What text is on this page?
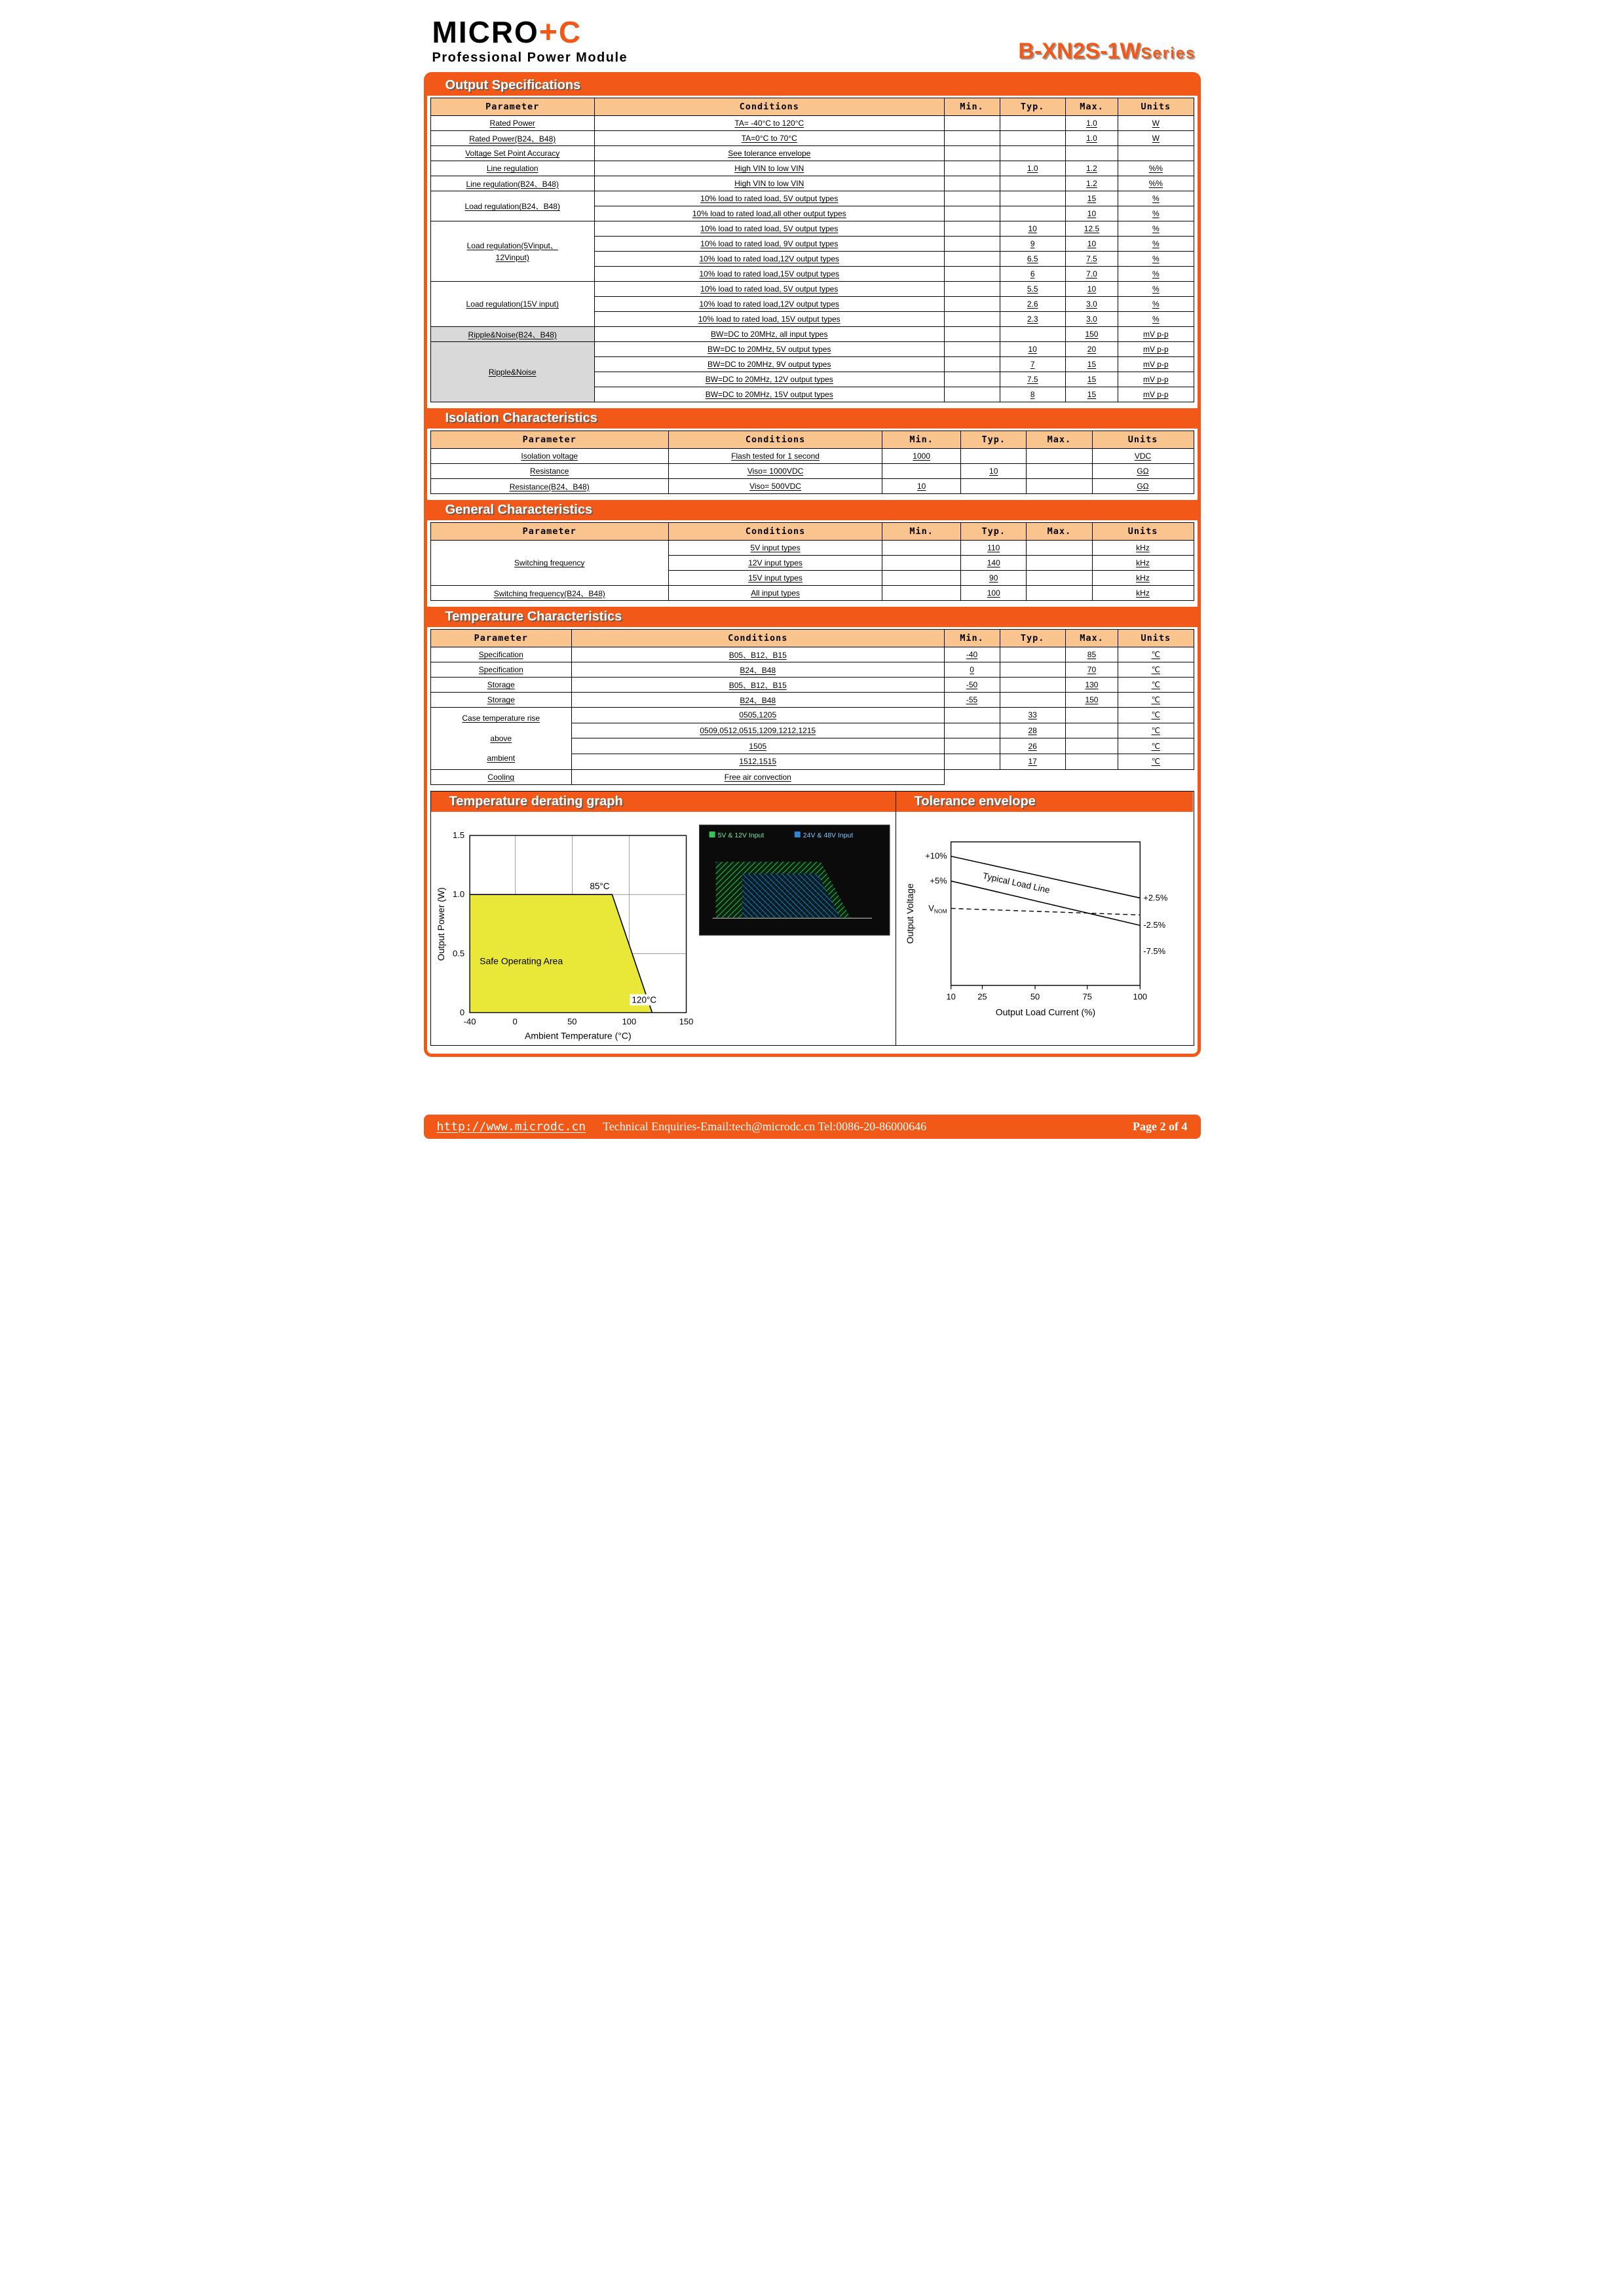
MICRO+C
Professional Power Module	B-XN2S-1WSeries
Output Specifications
Parameter	Conditions	Min.	Typ.	Max.	Units
Rated Power	TA= -40°C to 120°C			1.0	W
Rated Power(B24、B48)	TA=0°C to 70°C			1.0	W
Voltage Set Point Accuracy	See tolerance envelope				
Line regulation	High VIN to low VIN		1.0	1.2	%%
Line regulation(B24、B48)	High VIN to low VIN			1.2	%%
Load regulation(B24、B48)	10% load to rated load, 5V output types			15	%
	10% load to rated load,all other output types			10	%
Load regulation(5Vinput、
12Vinput)	10% load to rated load, 5V output types		10	12.5	%
	10% load to rated load, 9V output types		9	10	%
	10% load to rated load,12V output types		6.5	7.5	%
	10% load to rated load,15V output types		6	7.0	%
Load regulation(15V input)	10% load to rated load, 5V output types		5.5	10	%
	10% load to rated load,12V output types		2.6	3.0	%
	10% load to rated load, 15V output types		2.3	3.0	%
Ripple&Noise(B24、B48)	BW=DC to 20MHz, all input types			150	mV p-p
Ripple&Noise	BW=DC to 20MHz, 5V output types		10	20	mV p-p
	BW=DC to 20MHz, 9V output types		7	15	mV p-p
	BW=DC to 20MHz, 12V output types		7.5	15	mV p-p
	BW=DC to 20MHz, 15V output types		8	15	mV p-p
Isolation Characteristics
Parameter	Conditions	Min.	Typ.	Max.	Units
Isolation voltage	Flash tested for 1 second	1000			VDC
Resistance	Viso= 1000VDC		10		GΩ
Resistance(B24、B48)	Viso= 500VDC	10			GΩ
General Characteristics
Parameter	Conditions	Min.	Typ.	Max.	Units
Switching frequency	5V input types		110		kHz
	12V input types		140		kHz
	15V input types		90		kHz
Switching frequency(B24、B48)	All input types		100		kHz
Temperature Characteristics
Parameter	Conditions	Min.	Typ.	Max.	Units
Specification	B05、B12、B15	-40		85	℃
Specification	B24、B48	0		70	℃
Storage	B05、B12、B15	-50		130	℃
Storage	B24、B48	-55		150	℃
Case temperature rise
above
ambient	0505,1205		33		℃
	0509,0512,0515,1209,1212,1215		28		℃
	1505		26		℃
	1512,1515		17		℃
Cooling	Free air convection				
Temperature derating graph
85°C
120°C
Safe Operating Area
1.5
1.0
0.5
0
-40	0	50	100	150
Output Power (W)
Ambient Temperature (°C)
5V & 12V Input	24V & 48V Input
Tolerance envelope
Typical Load Line
+10%
+5%
$V_{NOM}$
+2.5%
-2.5%
-7.5%
10	25	50	75	100
Output Voltage
Output Load Current (%)
http://www.microdc.cn Technical Enquiries-Email:tech@microdc.cn Tel:0086-20-86000646	Page 2 of 4
